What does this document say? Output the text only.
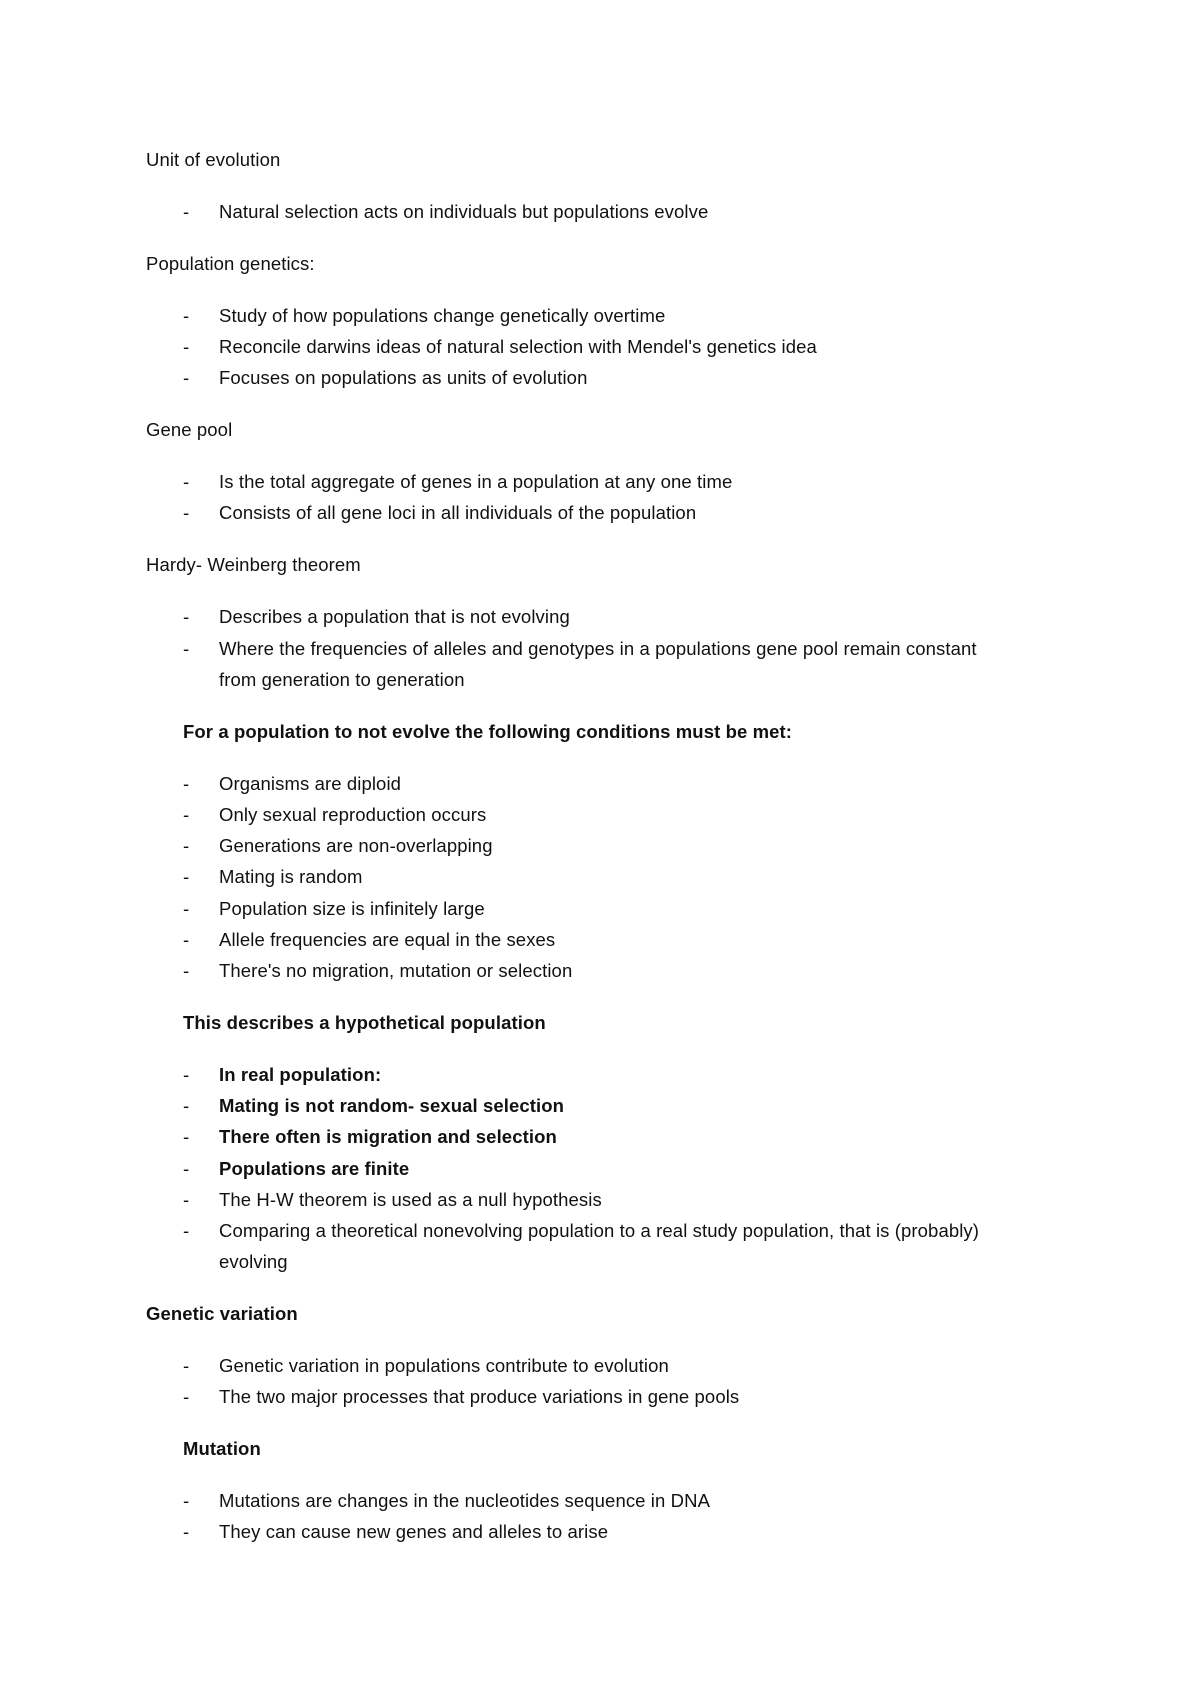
Unit of evolution
- Natural selection acts on individuals but populations evolve
Population genetics:
- Study of how populations change genetically overtime
- Reconcile darwins ideas of natural selection with Mendel's genetics idea
- Focuses on populations as units of evolution
Gene pool
- Is the total aggregate of genes in a population at any one time
- Consists of all gene loci in all individuals of the population
Hardy- Weinberg theorem
- Describes a population that is not evolving
- Where the frequencies of alleles and genotypes in a populations gene pool remain constant
from generation to generation
For a population to not evolve the following conditions must be met:
- Organisms are diploid
- Only sexual reproduction occurs
- Generations are non-overlapping
- Mating is random
- Population size is infinitely large
- Allele frequencies are equal in the sexes
- There's no migration, mutation or selection
This describes a hypothetical population
- In real population:
- Mating is not random- sexual selection
- There often is migration and selection
- Populations are finite
- The H-W theorem is used as a null hypothesis
- Comparing a theoretical nonevolving population to a real study population, that is (probably)
evolving
Genetic variation
- Genetic variation in populations contribute to evolution
- The two major processes that produce variations in gene pools
Mutation
- Mutations are changes in the nucleotides sequence in DNA
- They can cause new genes and alleles to arise
